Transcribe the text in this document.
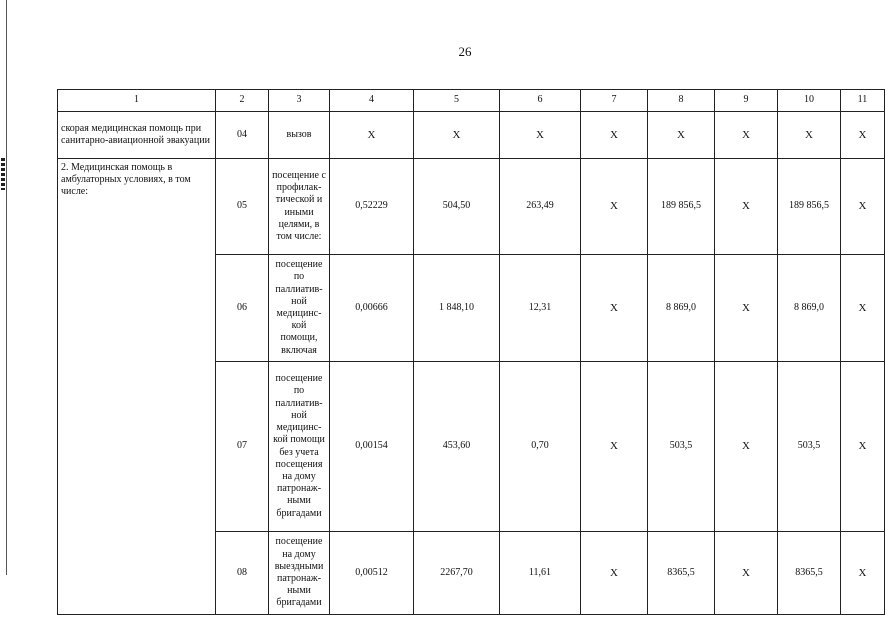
26
1	2	3	4	5	6	7	8	9	10	11
скорая медицинская помощь при санитарно-авиационной эвакуации	04	вызов	X	X	X	X	X	X	X	X
2. Медицинская помощь в амбулаторных условиях, в том числе:	05	посещение с профилак-тической и иными целями, в том числе:	0,52229	504,50	263,49	X	189 856,5	X	189 856,5	X
	06	посещение по паллиатив-ной медицинс-кой помощи, включая	0,00666	1 848,10	12,31	X	8 869,0	X	8 869,0	X
	07	посещение по паллиатив-ной медицинс-кой помощи без учета посещения на дому патронаж-ными бригадами	0,00154	453,60	0,70	X	503,5	X	503,5	X
	08	посещение на дому выездными патронаж-ными бригадами	0,00512	2267,70	11,61	X	8365,5	X	8365,5	X
